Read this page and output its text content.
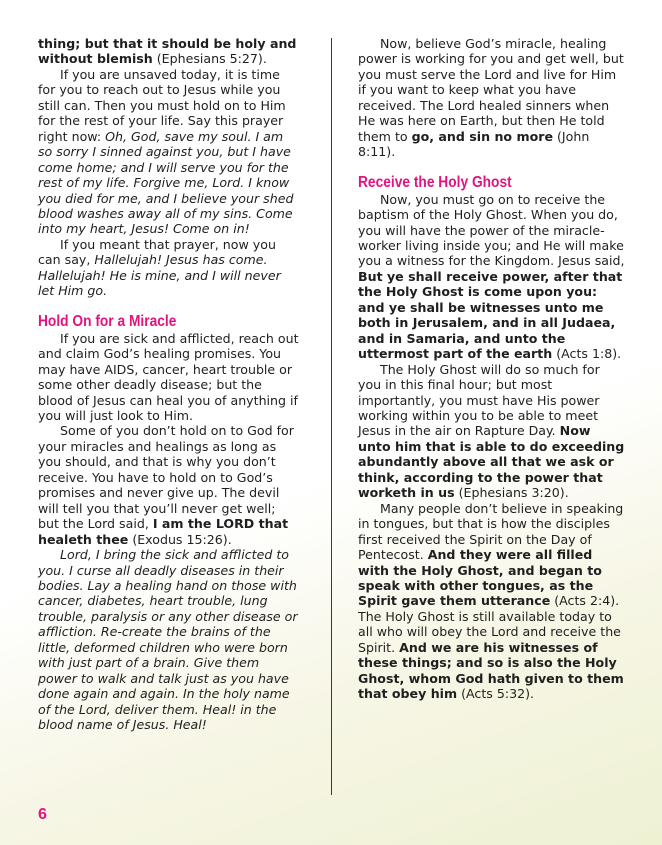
thing; but that it should be holy and without blemish (Ephesians 5:27).

If you are unsaved today, it is time for you to reach out to Jesus while you still can. Then you must hold on to Him for the rest of your life. Say this prayer right now: Oh, God, save my soul. I am so sorry I sinned against you, but I have come home; and I will serve you for the rest of my life. Forgive me, Lord. I know you died for me, and I believe your shed blood washes away all of my sins. Come into my heart, Jesus! Come on in!

If you meant that prayer, now you can say, Hallelujah! Jesus has come. Hallelujah! He is mine, and I will never let Him go.

Hold On for a Miracle

If you are sick and afflicted, reach out and claim God’s healing promises. You may have AIDS, cancer, heart trouble or some other deadly disease; but the blood of Jesus can heal you of anything if you will just look to Him.

Some of you don’t hold on to God for your miracles and healings as long as you should, and that is why you don’t receive. You have to hold on to God’s promises and never give up. The devil will tell you that you’ll never get well; but the Lord said, I am the LORD that healeth thee (Exodus 15:26).

Lord, I bring the sick and afflicted to you. I curse all deadly diseases in their bodies. Lay a healing hand on those with cancer, diabetes, heart trouble, lung trouble, paralysis or any other disease or affliction. Re-create the brains of the little, deformed children who were born with just part of a brain. Give them power to walk and talk just as you have done again and again. In the holy name of the Lord, deliver them. Heal! in the blood name of Jesus. Heal!

Now, believe God’s miracle, healing power is working for you and get well, but you must serve the Lord and live for Him if you want to keep what you have received. The Lord healed sinners when He was here on Earth, but then He told them to go, and sin no more (John 8:11).

Receive the Holy Ghost

Now, you must go on to receive the baptism of the Holy Ghost. When you do, you will have the power of the miracle-worker living inside you; and He will make you a witness for the Kingdom. Jesus said, But ye shall receive power, after that the Holy Ghost is come upon you: and ye shall be witnesses unto me both in Jerusalem, and in all Judaea, and in Samaria, and unto the uttermost part of the earth (Acts 1:8).

The Holy Ghost will do so much for you in this final hour; but most importantly, you must have His power working within you to be able to meet Jesus in the air on Rapture Day. Now unto him that is able to do exceeding abundantly above all that we ask or think, according to the power that worketh in us (Ephesians 3:20).

Many people don’t believe in speaking in tongues, but that is how the disciples first received the Spirit on the Day of Pentecost. And they were all filled with the Holy Ghost, and began to speak with other tongues, as the Spirit gave them utterance (Acts 2:4). The Holy Ghost is still available today to all who will obey the Lord and receive the Spirit. And we are his witnesses of these things; and so is also the Holy Ghost, whom God hath given to them that obey him (Acts 5:32).

6
